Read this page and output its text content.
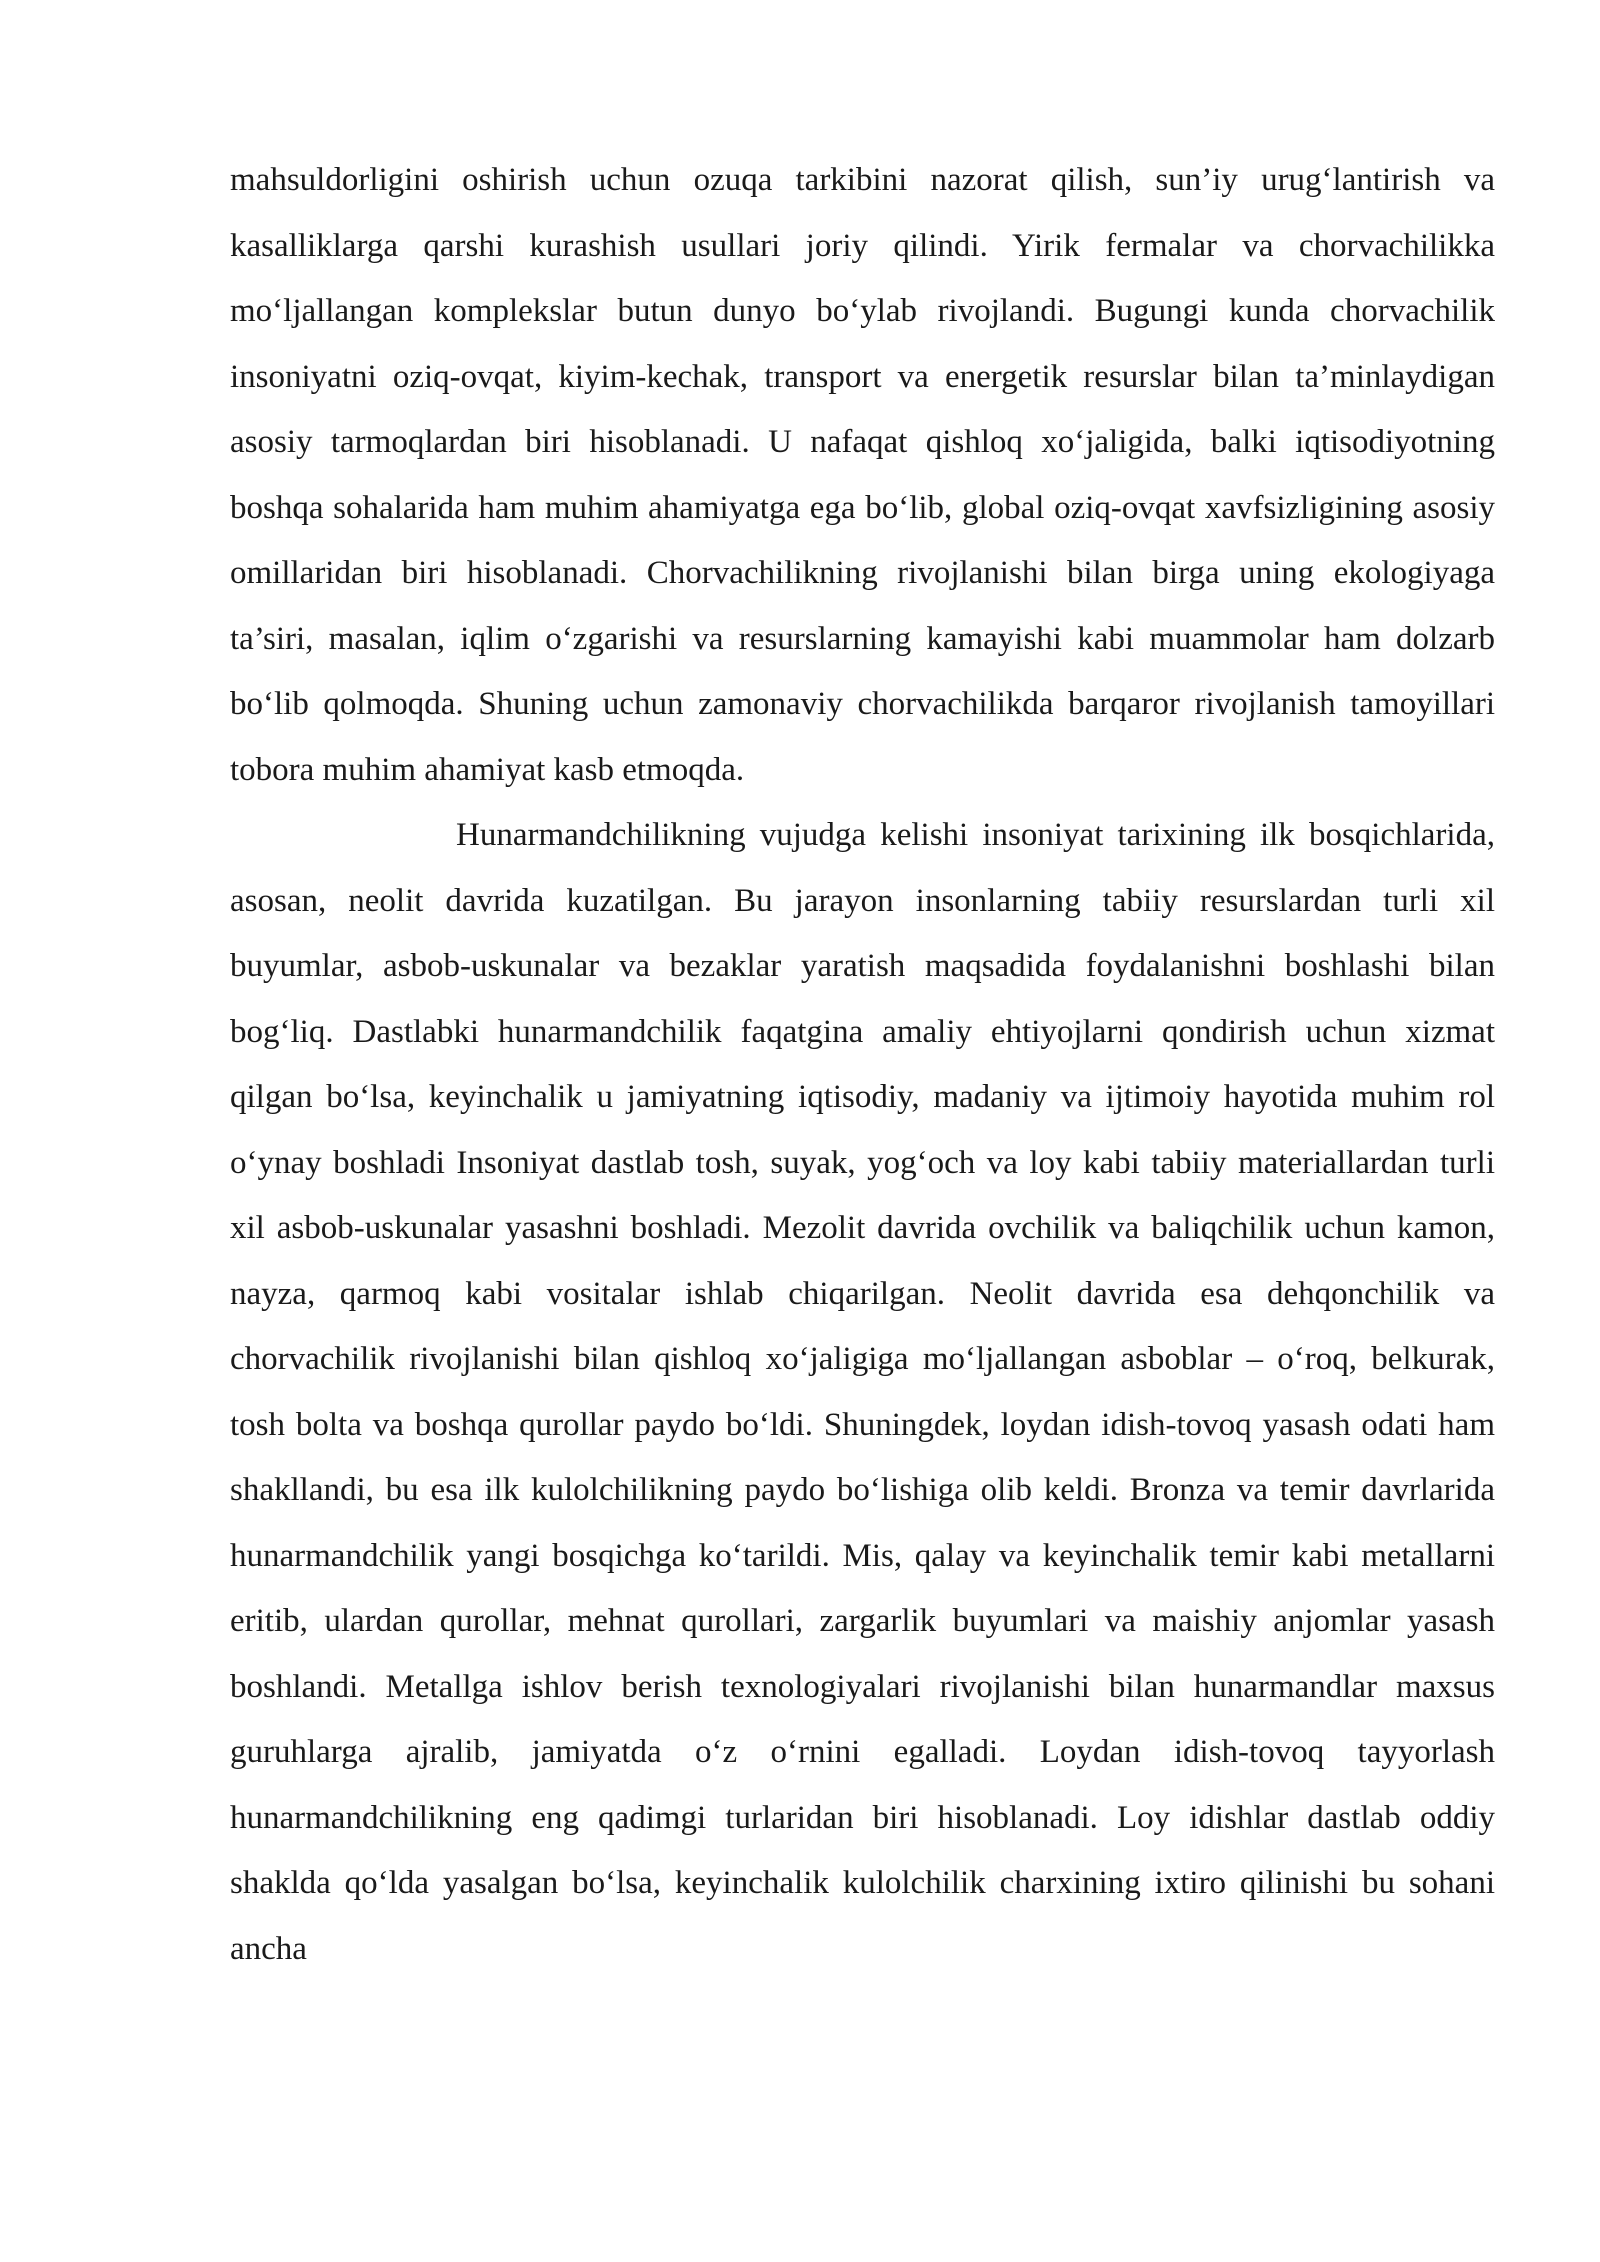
mahsuldorligini oshirish uchun ozuqa tarkibini nazorat qilish, sun’iy urug‘lantirish va kasalliklarga qarshi kurashish usullari joriy qilindi. Yirik fermalar va chorvachilikka mo‘ljallangan komplekslar butun dunyo bo‘ylab rivojlandi. Bugungi kunda chorvachilik insoniyatni oziq-ovqat, kiyim-kechak, transport va energetik resurslar bilan ta’minlaydigan asosiy tarmoqlardan biri hisoblanadi. U nafaqat qishloq xo‘jaligida, balki iqtisodiyotning boshqa sohalarida ham muhim ahamiyatga ega bo‘lib, global oziq-ovqat xavfsizligining asosiy omillaridan biri hisoblanadi. Chorvachilikning rivojlanishi bilan birga uning ekologiyaga ta’siri, masalan, iqlim o‘zgarishi va resurslarning kamayishi kabi muammolar ham dolzarb bo‘lib qolmoqda. Shuning uchun zamonaviy chorvachilikda barqaror rivojlanish tamoyillari tobora muhim ahamiyat kasb etmoqda.

Hunarmandchilikning vujudga kelishi insoniyat tarixining ilk bosqichlarida, asosan, neolit davrida kuzatilgan. Bu jarayon insonlarning tabiiy resurslardan turli xil buyumlar, asbob-uskunalar va bezaklar yaratish maqsadida foydalanishni boshlashi bilan bog‘liq. Dastlabki hunarmandchilik faqatgina amaliy ehtiyojlarni qondirish uchun xizmat qilgan bo‘lsa, keyinchalik u jamiyatning iqtisodiy, madaniy va ijtimoiy hayotida muhim rol o‘ynay boshladi Insoniyat dastlab tosh, suyak, yog‘och va loy kabi tabiiy materiallardan turli xil asbob-uskunalar yasashni boshladi. Mezolit davrida ovchilik va baliqchilik uchun kamon, nayza, qarmoq kabi vositalar ishlab chiqarilgan. Neolit davrida esa dehqonchilik va chorvachilik rivojlanishi bilan qishloq xo‘jaligiga mo‘ljallangan asboblar – o‘roq, belkurak, tosh bolta va boshqa qurollar paydo bo‘ldi. Shuningdek, loydan idish-tovoq yasash odati ham shakllandi, bu esa ilk kulolchilikning paydo bo‘lishiga olib keldi. Bronza va temir davrlarida hunarmandchilik yangi bosqichga ko‘tarildi. Mis, qalay va keyinchalik temir kabi metallarni eritib, ulardan qurollar, mehnat qurollari, zargarlik buyumlari va maishiy anjomlar yasash boshlandi. Metallga ishlov berish texnologiyalari rivojlanishi bilan hunarmandlar maxsus guruhlarga ajralib, jamiyatda o‘z o‘rnini egalladi. Loydan idish-tovoq tayyorlash hunarmandchilikning eng qadimgi turlaridan biri hisoblanadi. Loy idishlar dastlab oddiy shaklda qo‘lda yasalgan bo‘lsa, keyinchalik kulolchilik charxining ixtiro qilinishi bu sohani ancha
